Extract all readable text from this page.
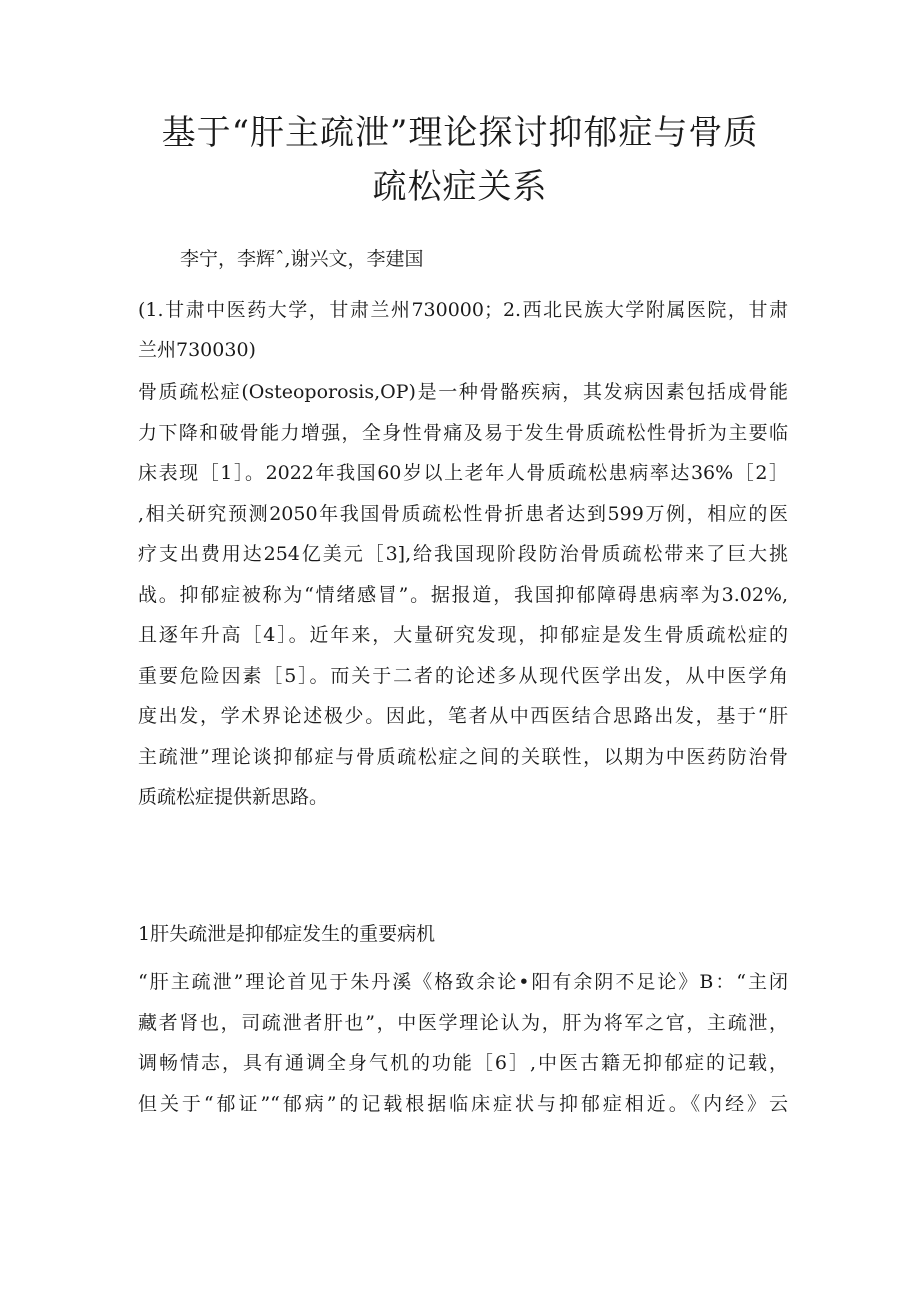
基于“肝主疏泄”理论探讨抑郁症与骨质
疏松症关系

李宁，李辉ˆ,谢兴文，李建国

(1.甘肃中医药大学，甘肃兰州730000；2.西北民族大学附属医院，甘肃
兰州730030)

骨质疏松症(Osteoporosis,OP)是一种骨骼疾病，其发病因素包括成骨能
力下降和破骨能力增强，全身性骨痛及易于发生骨质疏松性骨折为主要临
床表现［1］。2022年我国60岁以上老年人骨质疏松患病率达36%［2］
,相关研究预测2050年我国骨质疏松性骨折患者达到599万例，相应的医
疗支出费用达254亿美元［3],给我国现阶段防治骨质疏松带来了巨大挑
战。抑郁症被称为“情绪感冒”。据报道，我国抑郁障碍患病率为3.02%,
且逐年升高［4］。近年来，大量研究发现，抑郁症是发生骨质疏松症的
重要危险因素［5］。而关于二者的论述多从现代医学出发，从中医学角
度出发，学术界论述极少。因此，笔者从中西医结合思路出发，基于“肝
主疏泄”理论谈抑郁症与骨质疏松症之间的关联性，以期为中医药防治骨
质疏松症提供新思路。

1肝失疏泄是抑郁症发生的重要病机

“肝主疏泄”理论首见于朱丹溪《格致余论•阳有余阴不足论》B：“主闭
藏者肾也，司疏泄者肝也”，中医学理论认为，肝为将军之官，主疏泄，
调畅情志，具有通调全身气机的功能［6］,中医古籍无抑郁症的记载，
但关于“郁证”“郁病”的记载根据临床症状与抑郁症相近。《内经》云
